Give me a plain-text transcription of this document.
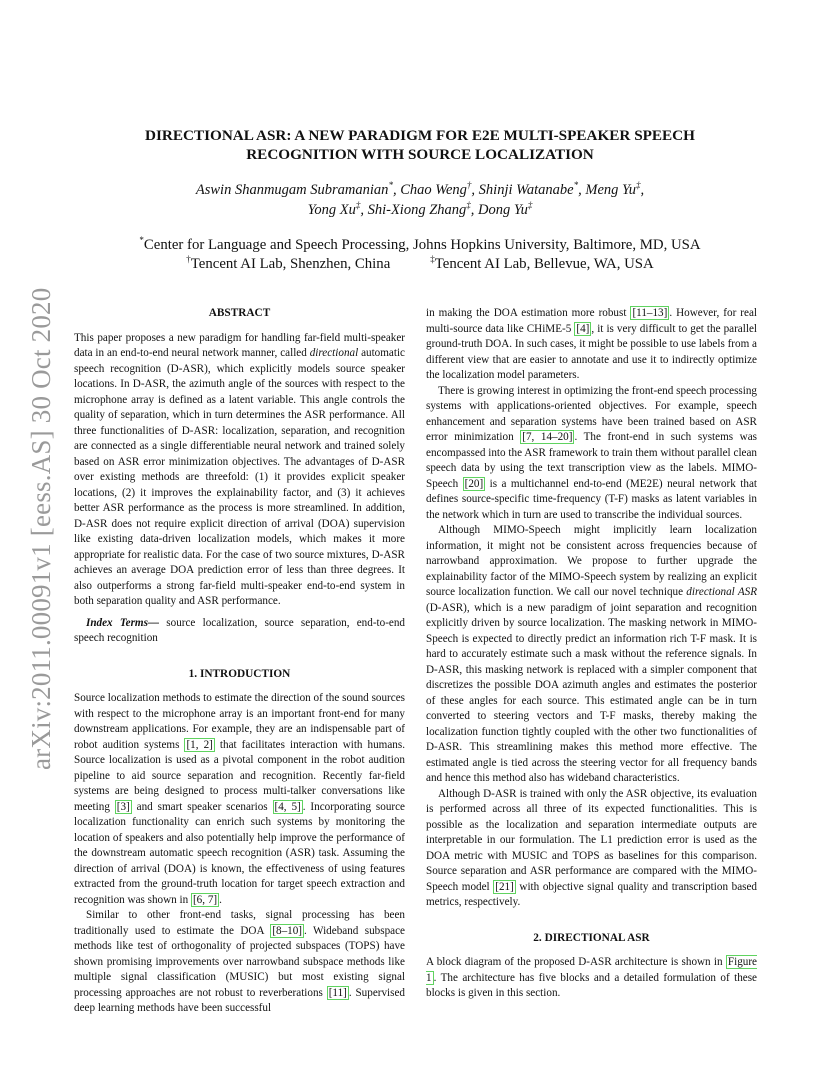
arXiv:2011.00091v1 [eess.AS] 30 Oct 2020
DIRECTIONAL ASR: A NEW PARADIGM FOR E2E MULTI-SPEAKER SPEECH
RECOGNITION WITH SOURCE LOCALIZATION
Aswin Shanmugam Subramanian*, Chao Weng†, Shinji Watanabe*, Meng Yu‡,
Yong Xu‡, Shi-Xiong Zhang‡, Dong Yu‡
*Center for Language and Speech Processing, Johns Hopkins University, Baltimore, MD, USA
†Tencent AI Lab, Shenzhen, China	‡Tencent AI Lab, Bellevue, WA, USA
ABSTRACT

This paper proposes a new paradigm for handling far-field multi-speaker data in an end-to-end neural network manner, called directional automatic speech recognition (D-ASR), which explicitly models source speaker locations. In D-ASR, the azimuth angle of the sources with respect to the microphone array is defined as a latent variable. This angle controls the quality of separation, which in turn determines the ASR performance. All three functionalities of D-ASR: localization, separation, and recognition are connected as a single differentiable neural network and trained solely based on ASR error minimization objectives. The advantages of D-ASR over existing methods are threefold: (1) it provides explicit speaker locations, (2) it improves the explainability factor, and (3) it achieves better ASR performance as the process is more streamlined. In addition, D-ASR does not require explicit direction of arrival (DOA) supervision like existing data-driven localization models, which makes it more appropriate for realistic data. For the case of two source mixtures, D-ASR achieves an average DOA prediction error of less than three degrees. It also outperforms a strong far-field multi-speaker end-to-end system in both separation quality and ASR performance.

Index Terms— source localization, source separation, end-to-end speech recognition

1. INTRODUCTION

Source localization methods to estimate the direction of the sound sources with respect to the microphone array is an important front-end for many downstream applications. For example, they are an indispensable part of robot audition systems [1, 2] that facilitates interaction with humans. Source localization is used as a pivotal component in the robot audition pipeline to aid source separation and recognition. Recently far-field systems are being designed to process multi-talker conversations like meeting [3] and smart speaker scenarios [4, 5] . Incorporating source localization functionality can enrich such systems by monitoring the location of speakers and also potentially help improve the performance of the downstream automatic speech recognition (ASR) task. Assuming the direction of arrival (DOA) is known, the effectiveness of using features extracted from the ground-truth location for target speech extraction and recognition was shown in [6, 7] .

Similar to other front-end tasks, signal processing has been traditionally used to estimate the DOA [8–10] . Wideband subspace methods like test of orthogonality of projected subspaces (TOPS) have shown promising improvements over narrowband subspace methods like multiple signal classification (MUSIC) but most existing signal processing approaches are not robust to reverberations [11] . Supervised deep learning methods have been successful

in making the DOA estimation more robust [11–13] . However, for real multi-source data like CHiME-5 [4] , it is very difficult to get the parallel ground-truth DOA. In such cases, it might be possible to use labels from a different view that are easier to annotate and use it to indirectly optimize the localization model parameters.

There is growing interest in optimizing the front-end speech processing systems with applications-oriented objectives. For example, speech enhancement and separation systems have been trained based on ASR error minimization [7, 14–20] . The front-end in such systems was encompassed into the ASR framework to train them without parallel clean speech data by using the text transcription view as the labels. MIMO-Speech [20] is a multichannel end-to-end (ME2E) neural network that defines source-specific time-frequency (T-F) masks as latent variables in the network which in turn are used to transcribe the individual sources.

Although MIMO-Speech might implicitly learn localization information, it might not be consistent across frequencies because of narrowband approximation. We propose to further upgrade the explainability factor of the MIMO-Speech system by realizing an explicit source localization function. We call our novel technique directional ASR (D-ASR), which is a new paradigm of joint separation and recognition explicitly driven by source localization. The masking network in MIMO-Speech is expected to directly predict an information rich T-F mask. It is hard to accurately estimate such a mask without the reference signals. In D-ASR, this masking network is replaced with a simpler component that discretizes the possible DOA azimuth angles and estimates the posterior of these angles for each source. This estimated angle can be in turn converted to steering vectors and T-F masks, thereby making the localization function tightly coupled with the other two functionalities of D-ASR. This streamlining makes this method more effective. The estimated angle is tied across the steering vector for all frequency bands and hence this method also has wideband characteristics.

Although D-ASR is trained with only the ASR objective, its evaluation is performed across all three of its expected functionalities. This is possible as the localization and separation intermediate outputs are interpretable in our formulation. The L1 prediction error is used as the DOA metric with MUSIC and TOPS as baselines for this comparison. Source separation and ASR performance are compared with the MIMO-Speech model [21] with objective signal quality and transcription based metrics, respectively.

2. DIRECTIONAL ASR

A block diagram of the proposed D-ASR architecture is shown in Figure 1 . The architecture has five blocks and a detailed formulation of these blocks is given in this section.
